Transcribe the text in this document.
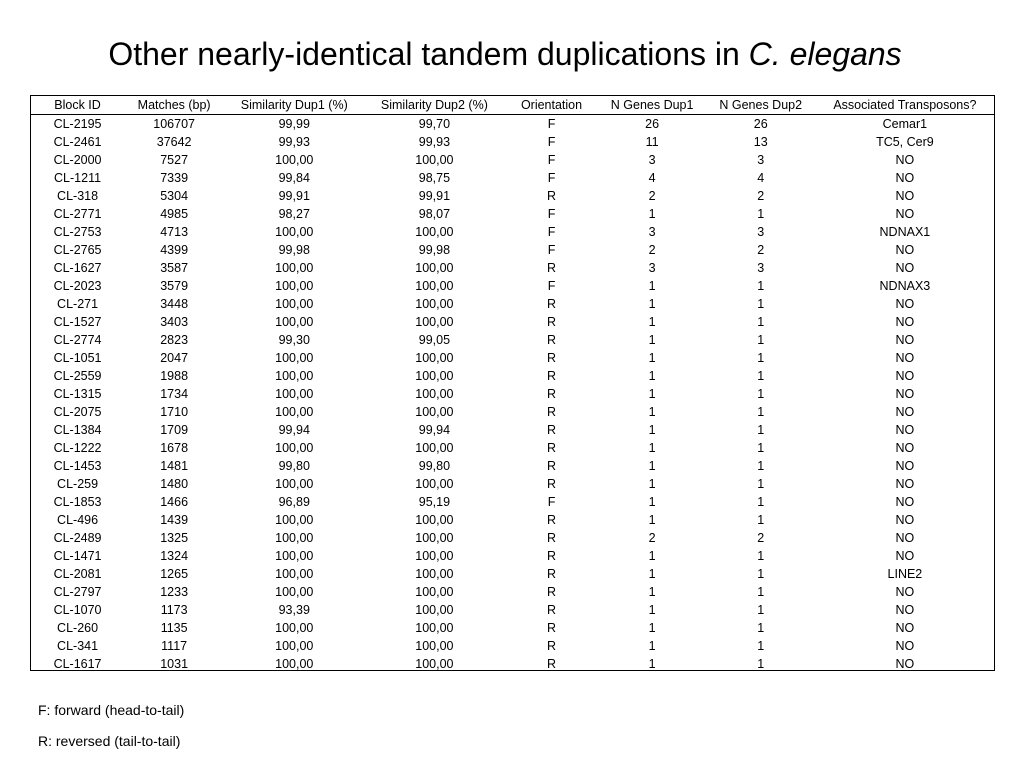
Other nearly-identical tandem duplications in C. elegans
Block ID	Matches (bp)	Similarity Dup1 (%)	Similarity Dup2 (%)	Orientation	N Genes Dup1	N Genes Dup2	Associated Transposons?
CL-2195	106707	99,99	99,70	F	26	26	Cemar1
CL-2461	37642	99,93	99,93	F	11	13	TC5, Cer9
CL-2000	7527	100,00	100,00	F	3	3	NO
CL-1211	7339	99,84	98,75	F	4	4	NO
CL-318	5304	99,91	99,91	R	2	2	NO
CL-2771	4985	98,27	98,07	F	1	1	NO
CL-2753	4713	100,00	100,00	F	3	3	NDNAX1
CL-2765	4399	99,98	99,98	F	2	2	NO
CL-1627	3587	100,00	100,00	R	3	3	NO
CL-2023	3579	100,00	100,00	F	1	1	NDNAX3
CL-271	3448	100,00	100,00	R	1	1	NO
CL-1527	3403	100,00	100,00	R	1	1	NO
CL-2774	2823	99,30	99,05	R	1	1	NO
CL-1051	2047	100,00	100,00	R	1	1	NO
CL-2559	1988	100,00	100,00	R	1	1	NO
CL-1315	1734	100,00	100,00	R	1	1	NO
CL-2075	1710	100,00	100,00	R	1	1	NO
CL-1384	1709	99,94	99,94	R	1	1	NO
CL-1222	1678	100,00	100,00	R	1	1	NO
CL-1453	1481	99,80	99,80	R	1	1	NO
CL-259	1480	100,00	100,00	R	1	1	NO
CL-1853	1466	96,89	95,19	F	1	1	NO
CL-496	1439	100,00	100,00	R	1	1	NO
CL-2489	1325	100,00	100,00	R	2	2	NO
CL-1471	1324	100,00	100,00	R	1	1	NO
CL-2081	1265	100,00	100,00	R	1	1	LINE2
CL-2797	1233	100,00	100,00	R	1	1	NO
CL-1070	1173	93,39	100,00	R	1	1	NO
CL-260	1135	100,00	100,00	R	1	1	NO
CL-341	1117	100,00	100,00	R	1	1	NO
CL-1617	1031	100,00	100,00	R	1	1	NO
F: forward (head-to-tail)
R: reversed (tail-to-tail)
